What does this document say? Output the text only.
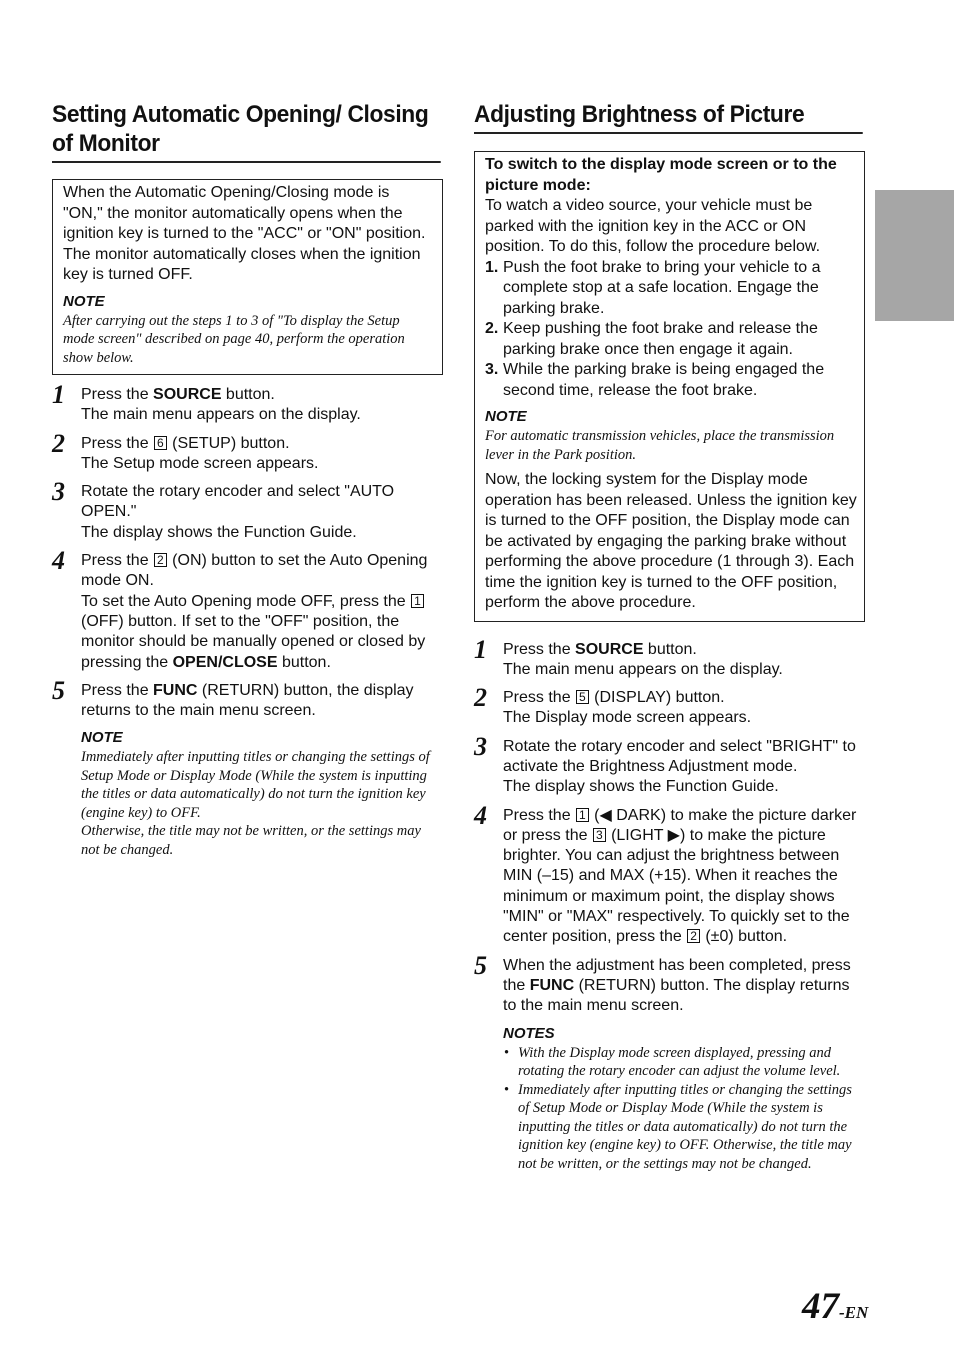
Setting Automatic Opening/ Closing of Monitor

When the Automatic Opening/Closing mode is "ON," the monitor automatically opens when the ignition key is turned to the "ACC" or "ON" position. The monitor automatically closes when the ignition key is turned OFF.

NOTE

After carrying out the steps 1 to 3 of "To display the Setup mode screen" described on page 40, perform the operation show below.

1 Press the SOURCE button.
The main menu appears on the display.
2 Press the 6 (SETUP) button.
The Setup mode screen appears.
3 Rotate the rotary encoder and select "AUTO OPEN."
The display shows the Function Guide.
4 Press the 2 (ON) button to set the Auto Opening mode ON.
To set the Auto Opening mode OFF, press the 1 (OFF) button. If set to the "OFF" position, the monitor should be manually opened or closed by pressing the OPEN/CLOSE button.
5 Press the FUNC (RETURN) button, the display returns to the main menu screen.
NOTE

Immediately after inputting titles or changing the settings of Setup Mode or Display Mode (While the system is inputting the titles or data automatically) do not turn the ignition key (engine key) to OFF.

Otherwise, the title may not be written, or the settings may not be changed.

Adjusting Brightness of Picture

To switch to the display mode screen or to the picture mode:

To watch a video source, your vehicle must be parked with the ignition key in the ACC or ON position. To do this, follow the procedure below.

1. Push the foot brake to bring your vehicle to a complete stop at a safe location. Engage the parking brake.
2. Keep pushing the foot brake and release the parking brake once then engage it again.
3. While the parking brake is being engaged the second time, release the foot brake.
NOTE

For automatic transmission vehicles, place the transmission lever in the Park position.

Now, the locking system for the Display mode operation has been released. Unless the ignition key is turned to the OFF position, the Display mode can be activated by engaging the parking brake without performing the above procedure (1 through 3). Each time the ignition key is turned to the OFF position, perform the above procedure.

1 Press the SOURCE button.
The main menu appears on the display.
2 Press the 5 (DISPLAY) button.
The Display mode screen appears.
3 Rotate the rotary encoder and select "BRIGHT" to activate the Brightness Adjustment mode.
The display shows the Function Guide.
4 Press the 1 (◀ DARK) to make the picture darker or press the 3 (LIGHT ▶) to make the picture brighter. You can adjust the brightness between MIN (–15) and MAX (+15). When it reaches the minimum or maximum point, the display shows "MIN" or "MAX" respectively. To quickly set to the center position, press the 2 (±0) button.
5 When the adjustment has been completed, press the FUNC (RETURN) button. The display returns to the main menu screen.
NOTES
• With the Display mode screen displayed, pressing and rotating the rotary encoder can adjust the volume level.
• Immediately after inputting titles or changing the settings of Setup Mode or Display Mode (While the system is inputting the titles or data automatically) do not turn the ignition key (engine key) to OFF. Otherwise, the title may not be written, or the settings may not be changed.
47-EN
